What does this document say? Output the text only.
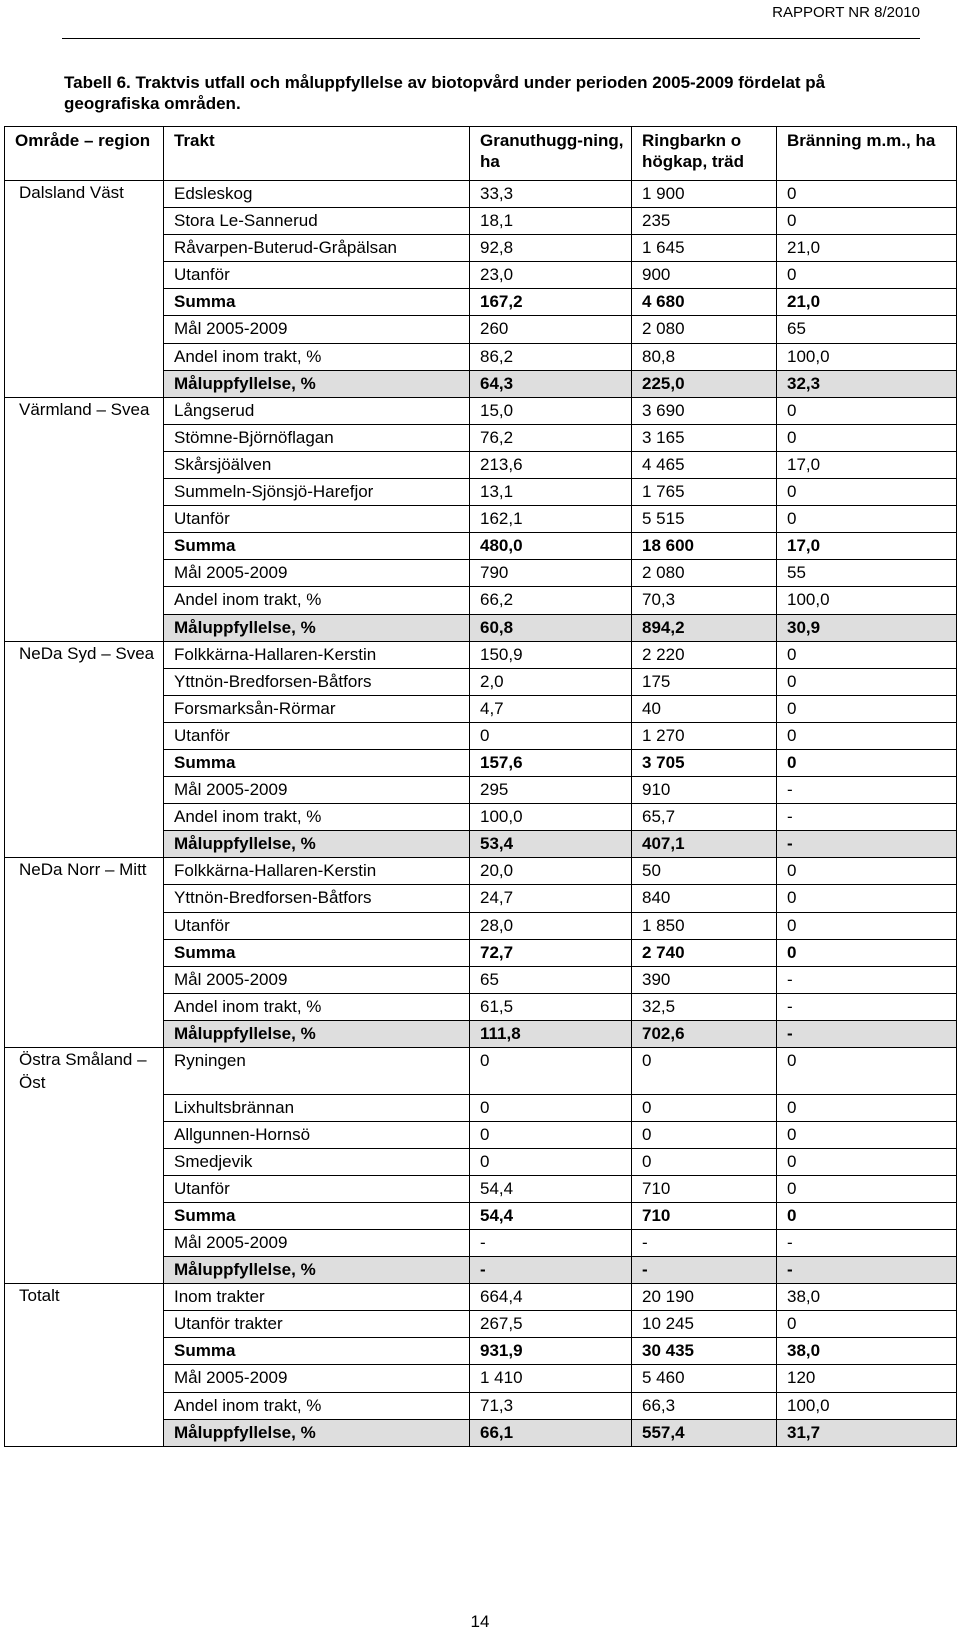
RAPPORT NR 8/2010
Tabell 6. Traktvis utfall och måluppfyllelse av biotopvård under perioden 2005-2009 fördelat på geografiska områden.
Område – region	Trakt	Granuthugg-ning, ha	Ringbarkn o högkap, träd	Bränning m.m., ha
Dalsland Väst	Edsleskog	33,3	1 900	0
	Stora Le-Sannerud	18,1	235	0
	Råvarpen-Buterud-Gråpälsan	92,8	1 645	21,0
	Utanför	23,0	900	0
	Summa	167,2	4 680	21,0
	Mål 2005-2009	260	2 080	65
	Andel inom trakt, %	86,2	80,8	100,0
	Måluppfyllelse, %	64,3	225,0	32,3
Värmland – Svea	Långserud	15,0	3 690	0
	Stömne-Björnöflagan	76,2	3 165	0
	Skårsjöälven	213,6	4 465	17,0
	Summeln-Sjönsjö-Harefjor	13,1	1 765	0
	Utanför	162,1	5 515	0
	Summa	480,0	18 600	17,0
	Mål 2005-2009	790	2 080	55
	Andel inom trakt, %	66,2	70,3	100,0
	Måluppfyllelse, %	60,8	894,2	30,9
NeDa Syd – Svea	Folkkärna-Hallaren-Kerstin	150,9	2 220	0
	Yttnön-Bredforsen-Båtfors	2,0	175	0
	Forsmarksån-Rörmar	4,7	40	0
	Utanför	0	1 270	0
	Summa	157,6	3 705	0
	Mål 2005-2009	295	910	-
	Andel inom trakt, %	100,0	65,7	-
	Måluppfyllelse, %	53,4	407,1	-
NeDa Norr – Mitt	Folkkärna-Hallaren-Kerstin	20,0	50	0
	Yttnön-Bredforsen-Båtfors	24,7	840	0
	Utanför	28,0	1 850	0
	Summa	72,7	2 740	0
	Mål 2005-2009	65	390	-
	Andel inom trakt, %	61,5	32,5	-
	Måluppfyllelse, %	111,8	702,6	-
Östra Småland – Öst	Ryningen	0	0	0
	Lixhultsbrännan	0	0	0
	Allgunnen-Hornsö	0	0	0
	Smedjevik	0	0	0
	Utanför	54,4	710	0
	Summa	54,4	710	0
	Mål 2005-2009	-	-	-
	Måluppfyllelse, %	-	-	-
Totalt	Inom trakter	664,4	20 190	38,0
	Utanför trakter	267,5	10 245	0
	Summa	931,9	30 435	38,0
	Mål 2005-2009	1 410	5 460	120
	Andel inom trakt, %	71,3	66,3	100,0
	Måluppfyllelse, %	66,1	557,4	31,7
14
